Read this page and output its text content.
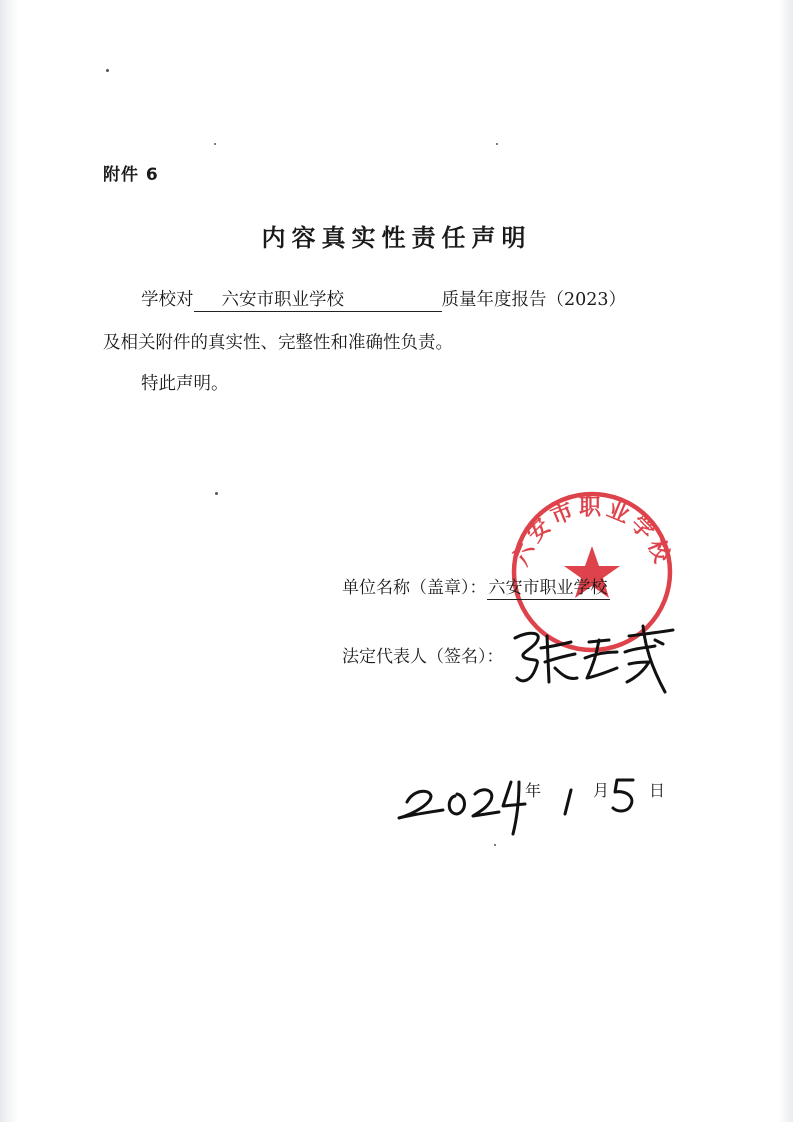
附件 6
内容真实性责任声明
学校对 六安市职业学校	质量年度报告（2023）
及相关附件的真实性、完整性和准确性负责。
特此声明。
六安市职业学校
单位名称（盖章）： 六安市职业学校
法定代表人（签名）：
年	月 日
